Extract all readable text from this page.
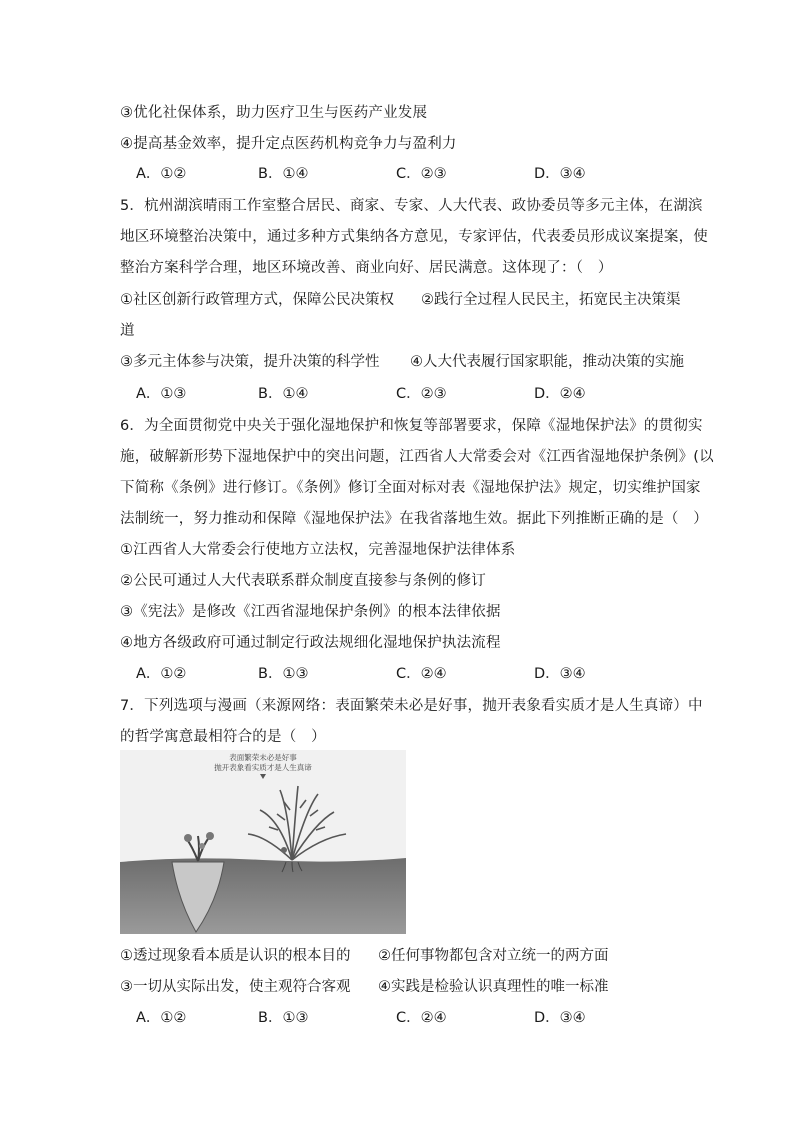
③优化社保体系，助力医疗卫生与医药产业发展
④提高基金效率，提升定点医药机构竞争力与盈利力
A．①②	B．①④	C．②③	D．③④
5．杭州湖滨晴雨工作室整合居民、商家、专家、人大代表、政协委员等多元主体，在湖滨
地区环境整治决策中，通过多种方式集纳各方意见，专家评估，代表委员形成议案提案，使
整治方案科学合理，地区环境改善、商业向好、居民满意。这体现了：（　）
①社区创新行政管理方式，保障公民决策权 ②践行全过程人民民主，拓宽民主决策渠
道
③多元主体参与决策，提升决策的科学性 ④人大代表履行国家职能，推动决策的实施
A．①③	B．①④	C．②③	D．②④
6．为全面贯彻党中央关于强化湿地保护和恢复等部署要求，保障《湿地保护法》的贯彻实
施，破解新形势下湿地保护中的突出问题，江西省人大常委会对《江西省湿地保护条例》(以
下简称《条例》进行修订。《条例》修订全面对标对表《湿地保护法》规定，切实维护国家
法制统一，努力推动和保障《湿地保护法》在我省落地生效。据此下列推断正确的是（　）
①江西省人大常委会行使地方立法权，完善湿地保护法律体系
②公民可通过人大代表联系群众制度直接参与条例的修订
③《宪法》是修改《江西省湿地保护条例》的根本法律依据
④地方各级政府可通过制定行政法规细化湿地保护执法流程
A．①②	B．①③	C．②④	D．③④
7．下列选项与漫画（来源网络：表面繁荣未必是好事，抛开表象看实质才是人生真谛）中
的哲学寓意最相符合的是（　）
表面繁荣未必是好事
抛开表象看实质才是人生真谛
①透过现象看本质是认识的根本目的 ②任何事物都包含对立统一的两方面
③一切从实际出发，使主观符合客观 ④实践是检验认识真理性的唯一标准
A．①②	B．①③	C．②④	D．③④
